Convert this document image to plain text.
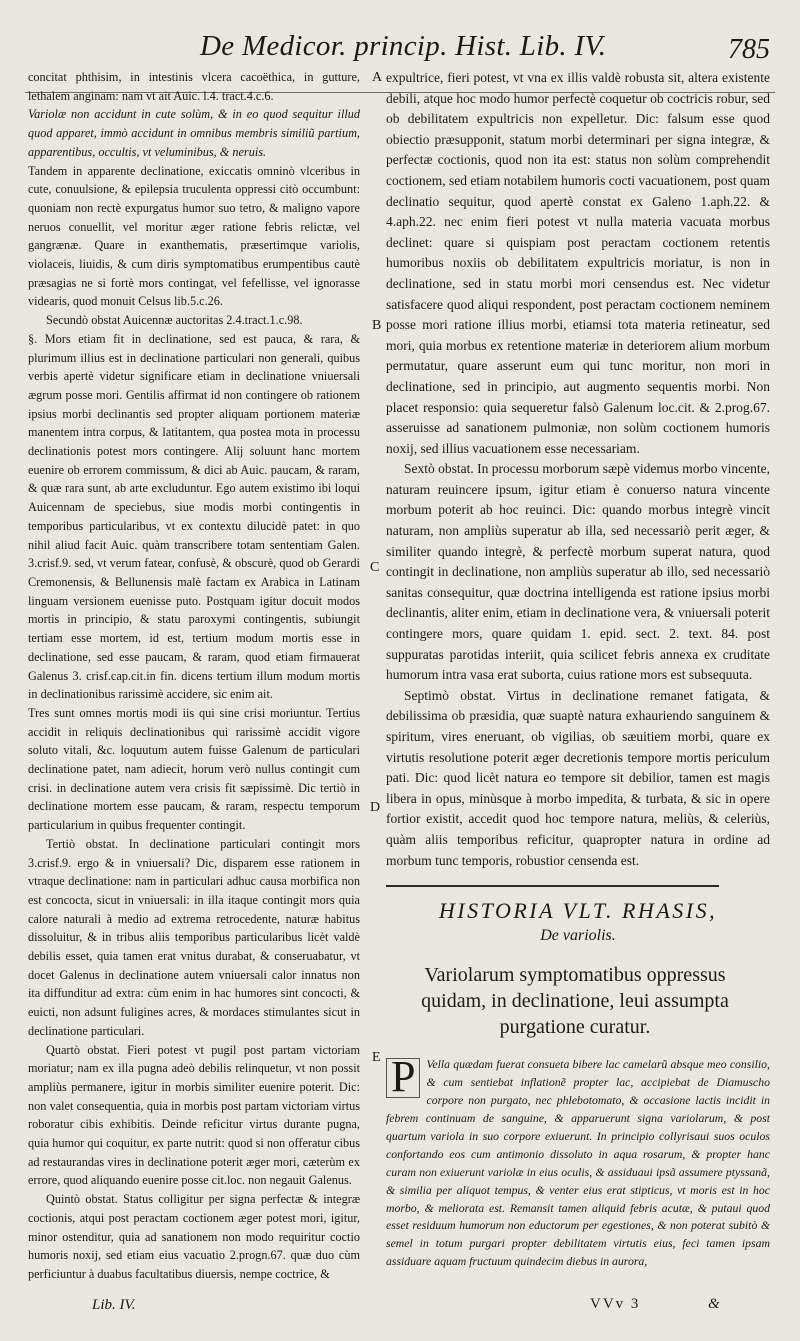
De Medicor. princip. Hist. Lib. IV.	785

concitat phthisim, in intestinis vlcera cacoëthica, in gutture, lethalem anginam: nam vt ait Auic. l.4. tract.4.c.6.

Variolæ non accidunt in cute solùm, & in eo quod sequitur illud quod apparet, immò accidunt in omnibus membris similiũ partium, apparentibus, occultis, vt veluminibus, & neruis.

Tandem in apparente declinatione, exiccatis omninò vlceribus in cute, conuulsione, & epilepsia truculenta oppressi citò occumbunt: quoniam non rectè expurgatus humor suo tetro, & maligno vapore neruos conuellit, vel moritur æger ratione febris relictæ, vel gangrænæ. Quare in exanthematis, præsertimque variolis, violaceis, liuidis, & cum diris symptomatibus erumpentibus cautè præsagias ne si fortè mors contingat, vel fefellisse, vel ignorasse videaris, quod monuit Celsus lib.5.c.26.

Secundò obstat Auicennæ auctoritas 2.4.tract.1.c.98.

§. Mors etiam fit in declinatione, sed est pauca, & rara, & plurimum illius est in declinatione particulari non generali, quibus verbis apertè videtur significare etiam in declinatione vniuersali ægrum posse mori. Gentilis affirmat id non contingere ob rationem ipsius morbi declinantis sed propter aliquam portionem materiæ manentem intra corpus, & latitantem, qua postea mota in processu declinationis potest mors contingere. Alij soluunt hanc mortem euenire ob errorem commissum, & dici ab Auic. paucam, & raram, & quæ rara sunt, ab arte excluduntur. Ego autem existimo ibi loqui Auicennam de speciebus, siue modis morbi contingentis in temporibus particularibus, vt ex contextu dilucidè patet: in quo nihil aliud facit Auic. quàm transcribere totam sententiam Galen. 3.crisf.9. sed, vt verum fatear, confusè, & obscurè, quod ob Gerardi Cremonensis, & Bellunensis malè factam ex Arabica in Latinam linguam versionem euenisse puto. Postquam igitur docuit modos mortis in principio, & statu paroxymi contingentis, subiungit tertiam esse mortem, id est, tertium modum mortis esse in declinatione, sed esse paucam, & raram, quod etiam firmauerat Galenus 3. crisf.cap.cit.in fin. dicens tertium illum modum mortis in declinationibus rarissimè accidere, sic enim ait.

Tres sunt omnes mortis modi iis qui sine crisi moriuntur. Tertius accidit in reliquis declinationibus qui rarissimè accidit vigore soluto vitali, &c. loquutum autem fuisse Galenum de particulari declinatione patet, nam adiecit, horum verò nullus contingit cum crisi. in declinatione autem vera crisis fit sæpissimè. Dic tertiò in declinatione mortem esse paucam, & raram, respectu temporum particularium in quibus frequenter contingit.

Tertiò obstat. In declinatione particulari contingit mors 3.crisf.9. ergo & in vniuersali? Dic, disparem esse rationem in vtraque declinatione: nam in particulari adhuc causa morbifica non est concocta, sicut in vniuersali: in illa itaque contingit mors quia calore naturali à medio ad extrema retrocedente, naturæ habitus dissoluitur, & in tribus aliis temporibus particularibus licèt valdè debilis esset, quia tamen erat vnitus durabat, & conseruabatur, vt docet Galenus in declinatione autem vniuersali calor innatus non ita diffunditur ad extra: cùm enim in hac humores sint concocti, & euicti, non adsunt fuligines acres, & mordaces stimulantes sicut in declinatione particulari.

Quartò obstat. Fieri potest vt pugil post partam victoriam moriatur; nam ex illa pugna adeò debilis relinquetur, vt non possit ampliùs permanere, igitur in morbis similiter euenire poterit. Dic: non valet consequentia, quia in morbis post partam victoriam virtus roboratur cibis exhibitis. Deinde reficitur virtus durante pugna, quia humor qui coquitur, ex parte nutrit: quod si non offeratur cibus ad restaurandas vires in declinatione poterit æger mori, cæterùm ex errore, quod aliquando euenire posse cit.loc. non negauit Galenus.

Quintò obstat. Status colligitur per signa perfectæ & integræ coctionis, atqui post peractam coctionem æger potest mori, igitur, minor ostenditur, quia ad sanationem non modo requiritur coctio humoris noxij, sed etiam eius vacuatio 2.progn.67. quæ duo cùm perficiuntur à duabus facultatibus diuersis, nempe coctrice, &

expultrice, fieri potest, vt vna ex illis valdè robusta sit, altera existente debili, atque hoc modo humor perfectè coquetur ob coctricis robur, sed ob debilitatem expultricis non expelletur. Dic: falsum esse quod obiectio præsupponit, statum morbi determinari per signa integræ, & perfectæ coctionis, quod non ita est: status non solùm comprehendit coctionem, sed etiam notabilem humoris cocti vacuationem, post quam declinatio sequitur, quod apertè constat ex Galeno 1.aph.22. & 4.aph.22. nec enim fieri potest vt nulla materia vacuata morbus declinet: quare si quispiam post peractam coctionem retentis humoribus noxiis ob debilitatem expultricis moriatur, is non in declinatione, sed in statu morbi mori censendus est. Nec videtur satisfacere quod aliqui respondent, post peractam coctionem neminem posse mori ratione illius morbi, etiamsi tota materia retineatur, sed mori, quia morbus ex retentione materiæ in deteriorem alium morbum permutatur, quare asserunt eum qui tunc moritur, non mori in declinatione, sed in principio, aut augmento sequentis morbi. Non placet responsio: quia sequeretur falsò Galenum loc.cit. & 2.prog.67. asseruisse ad sanationem pulmoniæ, non solùm coctionem humoris noxij, sed illius vacuationem esse necessariam.

Sextò obstat. In processu morborum sæpè videmus morbo vincente, naturam reuincere ipsum, igitur etiam è conuerso natura vincente morbum poterit ab hoc reuinci. Dic: quando morbus integrè vincit naturam, non ampliùs superatur ab illa, sed necessariò perit æger, & similiter quando integrè, & perfectè morbum superat natura, quod contingit in declinatione, non ampliùs superatur ab illo, sed necessariò sanitas consequitur, quæ doctrina intelligenda est ratione ipsius morbi declinantis, aliter enim, etiam in declinatione vera, & vniuersali poterit contingere mors, quare quidam 1. epid. sect. 2. text. 84. post suppuratas parotidas interiit, quia scilicet febris annexa ex cruditate humorum intra vasa erat suborta, cuius ratione mors est subsequuta.

Septimò obstat. Virtus in declinatione remanet fatigata, & debilissima ob præsidia, quæ suaptè natura exhauriendo sanguinem & spiritum, vires eneruant, ob vigilias, ob sæuitiem morbi, quare ex virtutis resolutione poterit æger decretionis tempore mortis periculum pati. Dic: quod licèt natura eo tempore sit debilior, tamen est magis libera in opus, minùsque à morbo impedita, & turbata, & sic in opere fortior existit, accedit quod hoc tempore natura, meliùs, & celeriùs, quàm aliis temporibus reficitur, quapropter natura in ordine ad morbum tunc temporis, robustior censenda est.

A
B
C
D
E
HISTORIA VLT. RHASIS,
De variolis.
Variolarum symptomatibus oppressus quidam, in declinatione, leui assumpta purgatione curatur.
P Vella quædam fuerat consueta bibere lac camelarũ absque meo consilio, & cum sentiebat inflationẽ propter lac, accipiebat de Diamuscho corpore non purgato, nec phlebotomato, & occasione lactis incidit in febrem continuam de sanguine, & apparuerunt signa variolarum, & post quartum variola in suo corpore exiuerunt. In principio collyrisaui suos oculos confortando eos cum antimonio dissoluto in aqua rosarum, & propter hanc curam non exiuerunt variolæ in eius oculis, & assiduaui ipsã assumere ptyssanã, & similia per aliquot tempus, & venter eius erat stipticus, vt moris est in hoc morbo, & meliorata est. Remansit tamen aliquid febris acutæ, & putaui quod esset residuum humorum non eductorum per egestiones, & non poterat subitò & semel in totum purgari propter debilitatem virtutis eius, feci tamen ipsam assiduare aquam fructuum quindecim diebus in aurora,
Lib. IV.	VVv 3	&
